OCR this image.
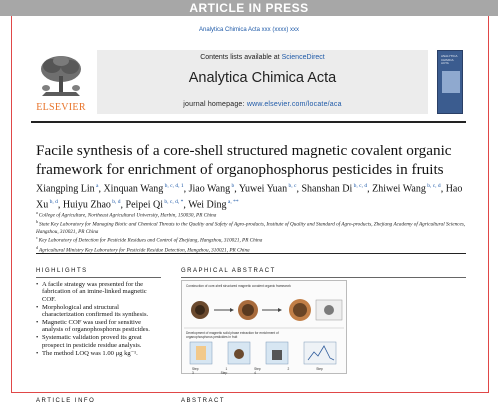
ARTICLE IN PRESS
Analytica Chimica Acta xxx (xxxx) xxx
ELSEVIER
Contents lists available at ScienceDirect
Analytica Chimica Acta
journal homepage: www.elsevier.com/locate/aca
ANALYTICA CHIMICA ACTA
Facile synthesis of a core-shell structured magnetic covalent organic framework for enrichment of organophosphorus pesticides in fruits
Xiangping Lin $^a$, Xinquan Wang $^{b, c, d, 1}$, Jiao Wang $^b$, Yuwei Yuan $^{b, c}$, Shanshan Di $^{b, c, d}$, Zhiwei Wang $^{b, c, d}$, Hao Xu $^{b, d}$, Huiyu Zhao $^{b, d}$, Peipei Qi $^{b, c, d, *}$, Wei Ding $^{a, **}$
$^a$ College of Agriculture, Northeast Agricultural University, Harbin, 150030, PR China
$^b$ State Key Laboratory for Managing Biotic and Chemical Threats to the Quality and Safety of Agro-products, Institute of Quality and Standard of Agro-products, Zhejiang Academy of Agricultural Sciences, Hangzhou, 310021, PR China
$^c$ Key Laboratory of Detection for Pesticide Residues and Control of Zhejiang, Hangzhou, 310021, PR China
$^d$ Agricultural Ministry Key Laboratory for Pesticide Residue Detection, Hangzhou, 310021, PR China
HIGHLIGHTS	GRAPHICAL ABSTRACT
• A facile strategy was presented for the fabrication of an imine-linked magnetic COF.
• Morphological and structural characterization confirmed its synthesis.
• Magnetic COF was used for sensitive analysis of organophosphorus pesticides.
• Systematic validation proved its great prospect in pesticide residue analysis.
• The method LOQ was 1.00 μg kg⁻¹.
Construction of core-shell structured magnetic covalent organic framework
Development of magnetic solid phase extraction for enrichment of organophosphorus pesticides in fruit
Step 1	Step 2	Step 3	Step 4
ARTICLE INFO	ABSTRACT
